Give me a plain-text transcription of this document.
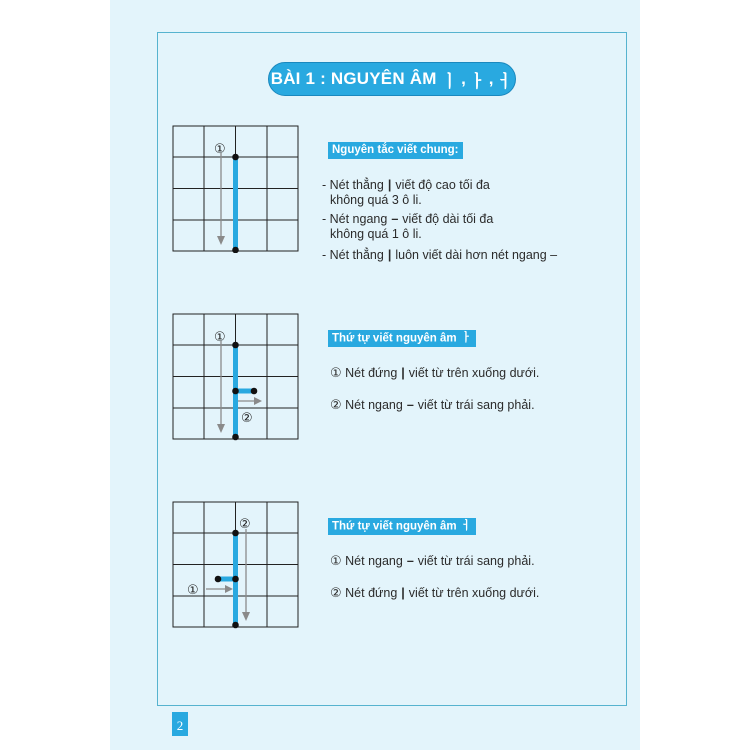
BÀI 1 : NGUYÊN ÂM
ㅣ , ㅏ , ㅓ
①	Nguyên tắc viết chung:
- Nét thẳng | viết độ cao tối đa
không quá 3 ô li.
- Nét ngang – viết độ dài tối đa
không quá 1 ô li.
- Nét thẳng | luôn viết dài hơn nét ngang –
①
②
Thứ tự viết nguyên âm ㅏ
① Nét đứng | viết từ trên xuống dưới.
② Nét ngang – viết từ trái sang phải.
①
②	Thứ tự viết nguyên âm ㅓ
① Nét ngang – viết từ trái sang phải.
② Nét đứng | viết từ trên xuống dưới.
2
